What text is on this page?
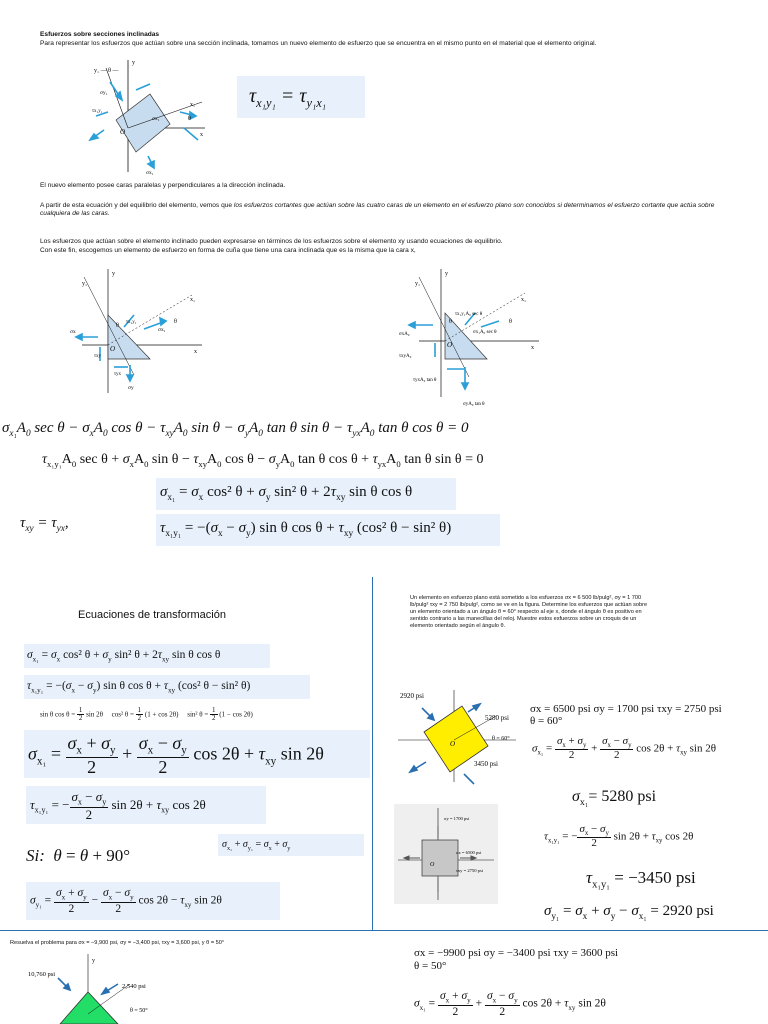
Esfuerzos sobre secciones inclinadas
Para representar los esfuerzos que actúan sobre una sección inclinada, tomamos un nuevo elemento de esfuerzo que se encuentra en el mismo punto en el material que el elemento original.
y₁ — θ —
y
x
x₁
O
θ
σy₁
τx₁y₁
σx₁
σx₁
$\tau_{x_1y_1} = \tau_{y_1x_1}$
El nuevo elemento posee caras paralelas y perpendiculares a la dirección inclinada.
A partir de esta ecuación y del equilibrio del elemento, vemos que los esfuerzos cortantes que actúan sobre las cuatro caras de un elemento en el esfuerzo plano son conocidos si determinamos el esfuerzo cortante que actúa sobre cualquiera de las caras.
Los esfuerzos que actúan sobre el elemento inclinado pueden expresarse en términos de los esfuerzos sobre el elemento xy usando ecuaciones de equilibrio.
Con este fin, escogemos un elemento de esfuerzo en forma de cuña que tiene una cara inclinada que es la misma que la cara x,
y₁
y
x₁
x
O
θ
θ
σx₁
τx₁y₁
σx
τxy
τyx
σy
y₁
y
x₁
x
O
θ	θ
τx₁y₁A₀ sec θ
σx₁A₀ sec θ
σxA₀
τxyA₀
τyxA₀ tan θ
σyA₀ tan θ
$\sigma_{x_1}A_0$ $\sec \theta - \sigma_xA_0$ $\cos \theta - \tau_{xy}A_0$ $\sin \theta - \sigma_yA_0$ tan θ $\sin \theta - \tau_{yx}A_0$ tan θ cos θ = 0
$\tau_{x_1y_1}A_0$ $\sec \theta + \sigma_xA_0$ $\sin \theta - \tau_{xy}A_0$ $\cos \theta - \sigma_yA_0$ tan θ $\cos \theta + \tau_{yx}A_0$ tan θ sin θ = 0
$\sigma_{x_1} = \sigma_x$ cos² $\theta + \sigma_y$ sin² $\theta + 2\tau_{xy}$ sin θ cos θ
$\tau_{xy} = \tau_{yx}$,	$\tau_{x_1y_1} = -(\sigma_x - \sigma_y)$ sin θ $\cos \theta + \tau_{xy}$ (cos² θ − sin² θ)
Ecuaciones de transformación
$\sigma_{x_1} = \sigma_x$ cos² $\theta + \sigma_y$ sin² $\theta + 2\tau_{xy}$ sin θ cos θ
$\tau_{x_1y_1} = -(\sigma_x - \sigma_y)$ sin θ $\cos \theta + \tau_{xy}$ (cos² θ − sin² θ)
sin θ $\cos \theta = \frac{1}{2}$ sin 2θ     cos² $\theta = \frac{1}{2} (1 + \cos 2\theta)$     sin² $\theta = \frac{1}{2} (1 - \cos 2\theta)$
$\sigma_{x_1} = \frac{\sigma_x + \sigma_y}{2} + \frac{\sigma_x - \sigma_y}{2}$ $\cos 2\theta + \tau_{xy}$ sin 2θ
$\tau_{x_1y_1}$ = − $\frac{\sigma_x - \sigma_y}{2}$ $\sin 2\theta + \tau_{xy}$ cos 2θ
Si: θ = θ + 90°
$\sigma_{x_1} + \sigma_{y_1} = \sigma_x + \sigma_y$
$\sigma_{y_1} = \frac{\sigma_x + \sigma_y}{2} - \frac{\sigma_x - \sigma_y}{2}$ $\cos 2\theta - \tau_{xy}$ sin 2θ
Un elemento en esfuerzo plano está sometido a los esfuerzos σx = 6 500 lb/pulg², σy = 1 700 lb/pulg² τxy = 2 750 lb/pulg², como se ve en la figura. Determine los esfuerzos que actúan sobre un elemento orientado a un ángulo θ = 60° respecto al eje x, donde el ángulo θ es positivo en sentido contrario a las manecillas del reloj. Muestre estos esfuerzos sobre un croquis de un elemento orientado según el ángulo θ.
O
2920 psi
5280 psi
θ = 60°
3450 psi
O
σy = 1700 psi
σx = 6500 psi
τxy = 2750 psi
σx = 6500 psi σy = 1700 psi τxy = 2750 psi
θ = 60°
$\sigma_{x_1} = \frac{\sigma_x + \sigma_y}{2} + \frac{\sigma_x - \sigma_y}{2}$ $\cos 2\theta + \tau_{xy}$ sin 2θ
$\sigma_{x_1}= 5280$ psi
$\tau_{x_1y_1}$ = − $\frac{\sigma_x - \sigma_y}{2}$ $\sin 2\theta + \tau_{xy}$ cos 2θ
$\tau_{x_1y_1} = -3450$ psi
$\sigma_{y_1} = \sigma_x + \sigma_y - \sigma_{x_1} = 2920$ psi
Resuelva el problema para σx = −9,900 psi, σy = −3,400 psi, τxy = 3,600 psi, y θ = 50°
10,760 psi
2,540 psi
θ = 50°
y
σx = −9900 psi σy = −3400 psi τxy = 3600 psi
θ = 50°
$\sigma_{x_1} = \frac{\sigma_x + \sigma_y}{2} + \frac{\sigma_x - \sigma_y}{2}$ $\cos 2\theta + \tau_{xy}$ sin 2θ
